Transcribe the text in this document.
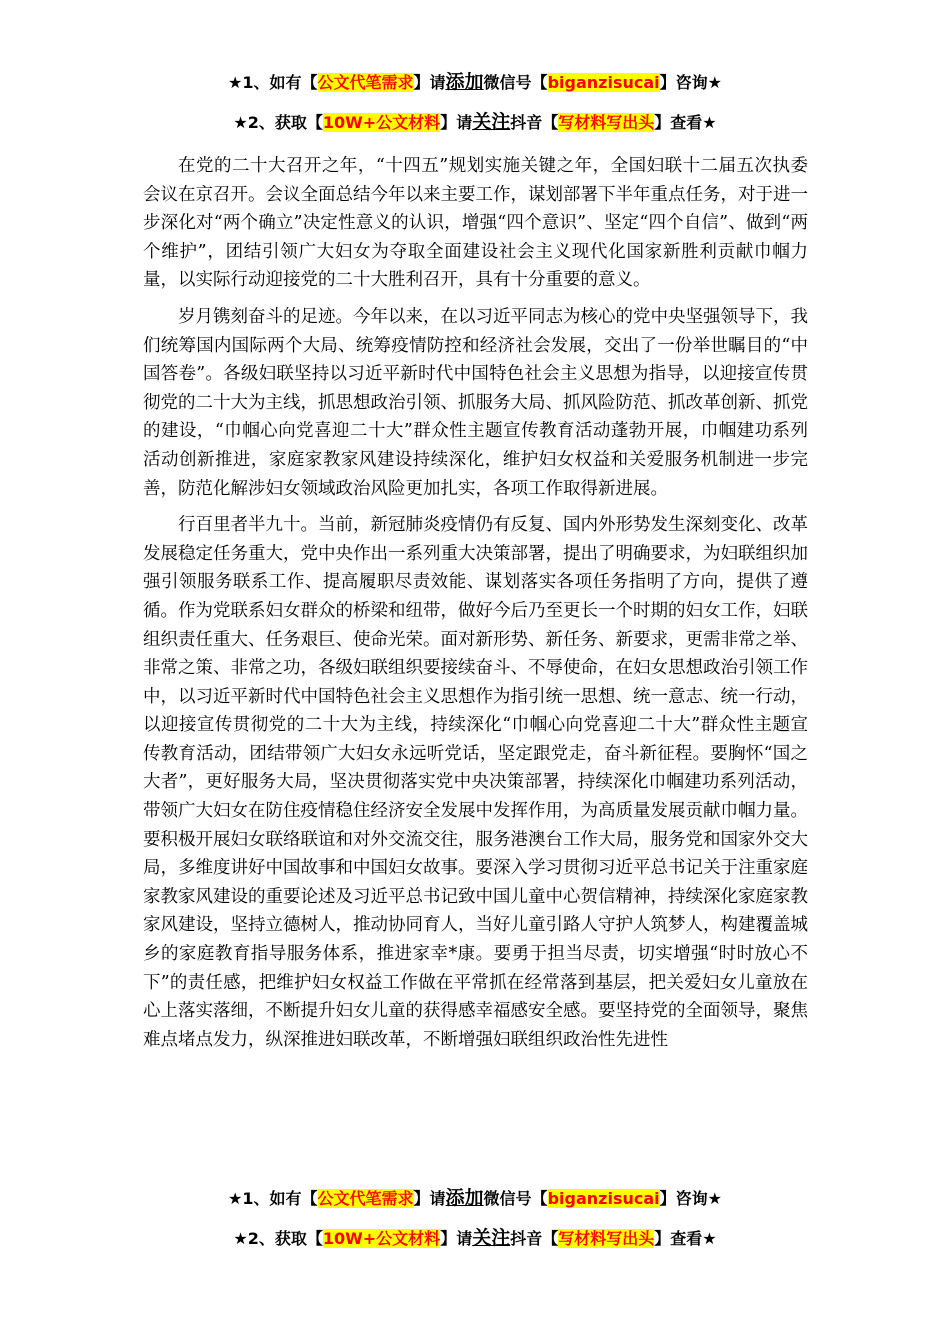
★1、如有【公文代笔需求】请添加微信号【biganzisucai】咨询★
★2、获取【10W+公文材料】请关注抖音【写材料写出头】查看★

在党的二十大召开之年，“十四五”规划实施关键之年，全国妇联十二届五次执委会议在京召开。会议全面总结今年以来主要工作，谋划部署下半年重点任务，对于进一步深化对“两个确立”决定性意义的认识，增强“四个意识”、坚定“四个自信”、做到“两个维护”，团结引领广大妇女为夺取全面建设社会主义现代化国家新胜利贡献巾帼力量，以实际行动迎接党的二十大胜利召开，具有十分重要的意义。

岁月镌刻奋斗的足迹。今年以来，在以习近平同志为核心的党中央坚强领导下，我们统筹国内国际两个大局、统筹疫情防控和经济社会发展，交出了一份举世瞩目的“中国答卷”。各级妇联坚持以习近平新时代中国特色社会主义思想为指导，以迎接宣传贯彻党的二十大为主线，抓思想政治引领、抓服务大局、抓风险防范、抓改革创新、抓党的建设，“巾帼心向党喜迎二十大”群众性主题宣传教育活动蓬勃开展，巾帼建功系列活动创新推进，家庭家教家风建设持续深化，维护妇女权益和关爱服务机制进一步完善，防范化解涉妇女领域政治风险更加扎实，各项工作取得新进展。

行百里者半九十。当前，新冠肺炎疫情仍有反复、国内外形势发生深刻变化、改革发展稳定任务重大，党中央作出一系列重大决策部署，提出了明确要求，为妇联组织加强引领服务联系工作、提高履职尽责效能、谋划落实各项任务指明了方向，提供了遵循。作为党联系妇女群众的桥梁和纽带，做好今后乃至更长一个时期的妇女工作，妇联组织责任重大、任务艰巨、使命光荣。面对新形势、新任务、新要求，更需非常之举、非常之策、非常之功，各级妇联组织要接续奋斗、不辱使命，在妇女思想政治引领工作中，以习近平新时代中国特色社会主义思想作为指引统一思想、统一意志、统一行动，以迎接宣传贯彻党的二十大为主线，持续深化“巾帼心向党喜迎二十大”群众性主题宣传教育活动，团结带领广大妇女永远听党话，坚定跟党走，奋斗新征程。要胸怀“国之大者”，更好服务大局，坚决贯彻落实党中央决策部署，持续深化巾帼建功系列活动，带领广大妇女在防住疫情稳住经济安全发展中发挥作用，为高质量发展贡献巾帼力量。要积极开展妇女联络联谊和对外交流交往，服务港澳台工作大局，服务党和国家外交大局，多维度讲好中国故事和中国妇女故事。要深入学习贯彻习近平总书记关于注重家庭家教家风建设的重要论述及习近平总书记致中国儿童中心贺信精神，持续深化家庭家教家风建设，坚持立德树人，推动协同育人，当好儿童引路人守护人筑梦人，构建覆盖城乡的家庭教育指导服务体系，推进家幸*康。要勇于担当尽责，切实增强“时时放心不下”的责任感，把维护妇女权益工作做在平常抓在经常落到基层，把关爱妇女儿童放在心上落实落细，不断提升妇女儿童的获得感幸福感安全感。要坚持党的全面领导，聚焦难点堵点发力，纵深推进妇联改革，不断增强妇联组织政治性先进性

★1、如有【公文代笔需求】请添加微信号【biganzisucai】咨询★
★2、获取【10W+公文材料】请关注抖音【写材料写出头】查看★
